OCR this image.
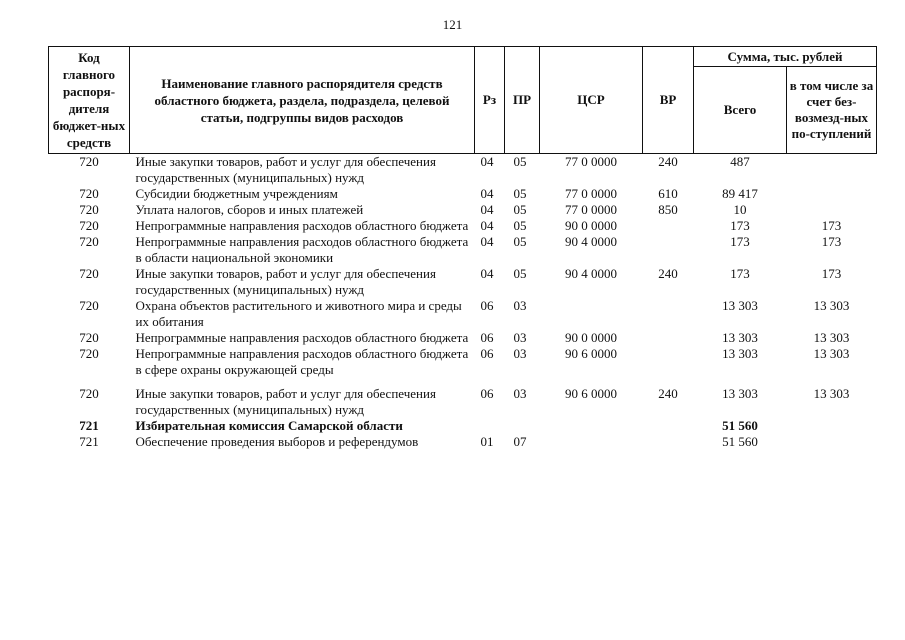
121
Код главного распоря-дителя бюджет-ных средств	Наименование главного распорядителя средств областного бюджета, раздела, подраздела, целевой статьи, подгруппы видов расходов	Рз	ПР	ЦСР	ВР	Сумма, тыс. рублей	
						Всего	в том числе за счет без-возмезд-ных по-ступлений
720	Иные закупки товаров, работ и услуг для обеспечения государственных (муниципальных) нужд	04	05	77 0 0000	240	487	
720	Субсидии бюджетным учреждениям	04	05	77 0 0000	610	89 417	
720	Уплата налогов, сборов и иных платежей	04	05	77 0 0000	850	10	
720	Непрограммные направления расходов областного бюджета	04	05	90 0 0000		173	173
720	Непрограммные направления расходов областного бюджета в области национальной экономики	04	05	90 4 0000		173	173
720	Иные закупки товаров, работ и услуг для обеспечения государственных (муниципальных) нужд	04	05	90 4 0000	240	173	173
720	Охрана объектов растительного и животного мира и среды их обитания	06	03			13 303	13 303
720	Непрограммные направления расходов областного бюджета	06	03	90 0 0000		13 303	13 303
720	Непрограммные направления расходов областного бюджета в сфере охраны окружающей среды	06	03	90 6 0000		13 303	13 303
720	Иные закупки товаров, работ и услуг для обеспечения государственных (муниципальных) нужд	06	03	90 6 0000	240	13 303	13 303
721	Избирательная комиссия Самарской области					51 560	
721	Обеспечение проведения выборов и референдумов	01	07			51 560	
